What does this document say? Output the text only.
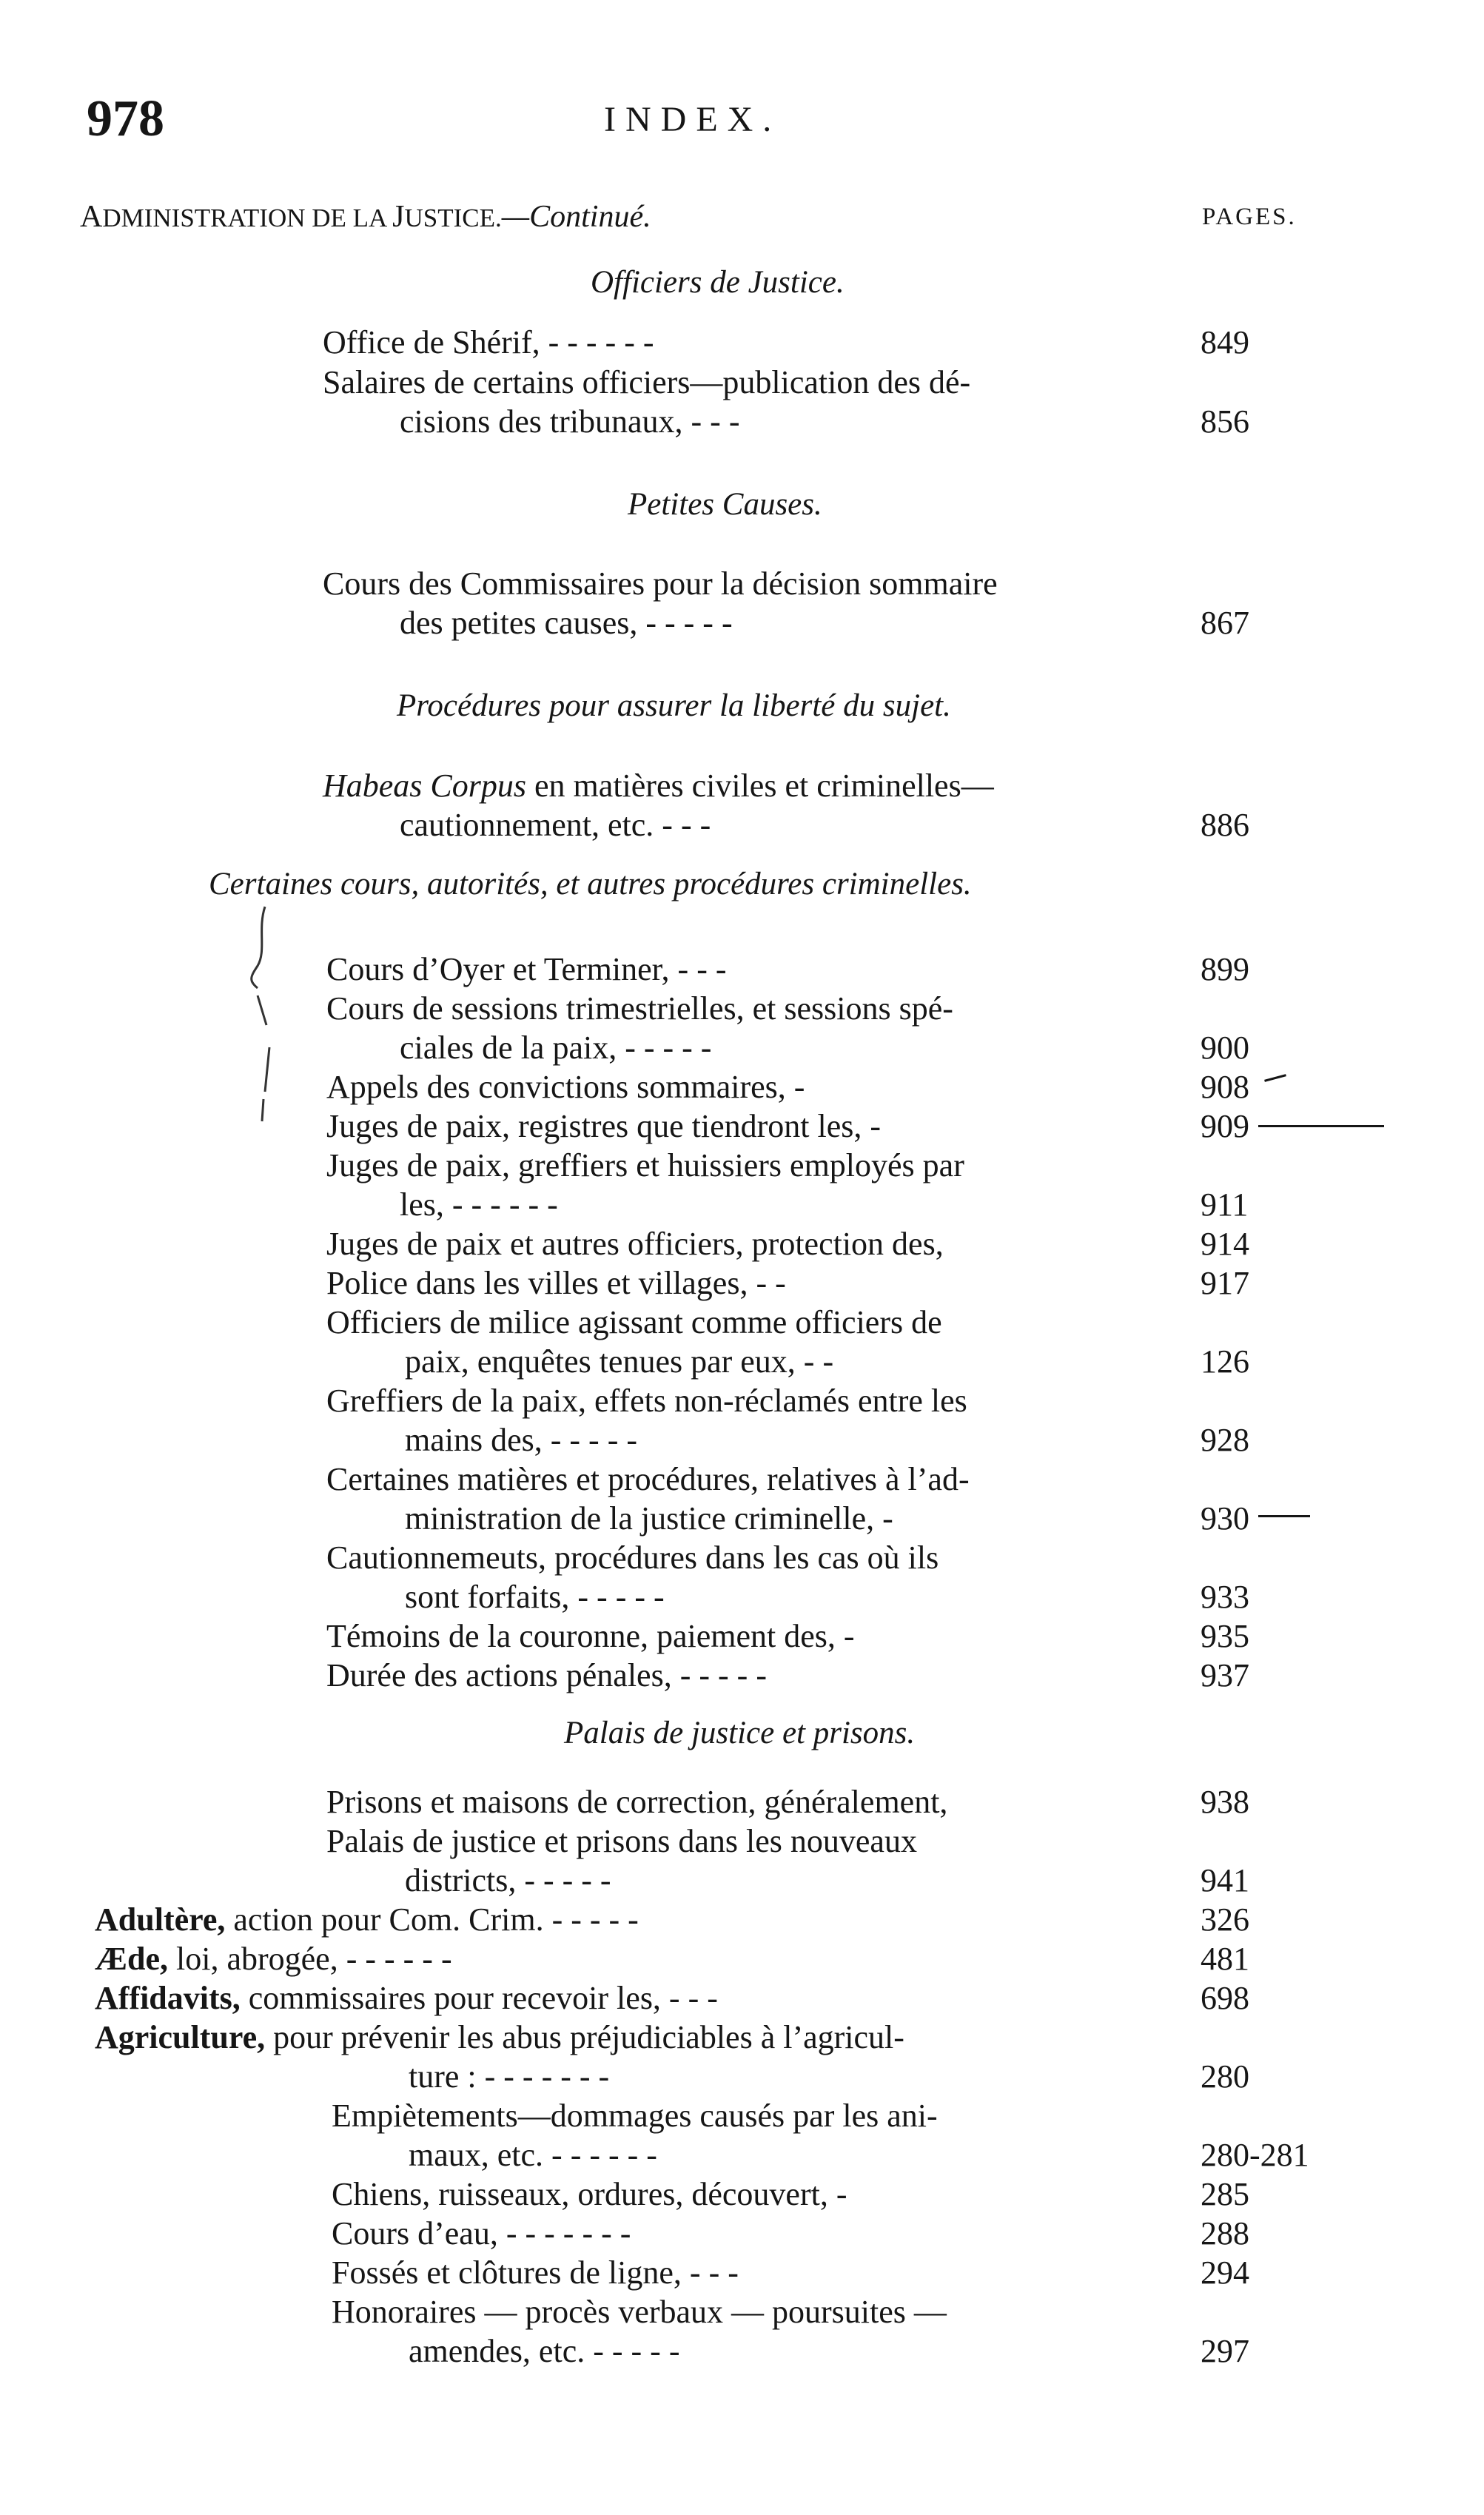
978	INDEX.
ADMINISTRATION DE LA JUSTICE.—Continué.	PAGES.
Officiers de Justice.
Petites Causes.
Procédures pour assurer la liberté du sujet.
Certaines cours, autorités, et autres procédures criminelles.
Palais de justice et prisons.
Office de Shérif, - - - - - -	849
Salaires de certains officiers—publication des dé-
cisions des tribunaux, - - -	856
Cours des Commissaires pour la décision sommaire
des petites causes, - - - - -	867
Habeas Corpus en matières civiles et criminelles—
cautionnement, etc. - - -	886
Cours d’Oyer et Terminer, - - -	899
Cours de sessions trimestrielles, et sessions spé-
ciales de la paix, - - - - -	900
Appels des convictions sommaires, -	908
Juges de paix, registres que tiendront les, -	909
Juges de paix, greffiers et huissiers employés par
les, - - - - - -	911
Juges de paix et autres officiers, protection des,	914
Police dans les villes et villages, - -	917
Officiers de milice agissant comme officiers de
paix, enquêtes tenues par eux, - -	126
Greffiers de la paix, effets non-réclamés entre les
mains des, - - - - -	928
Certaines matières et procédures, relatives à l’ad-
ministration de la justice criminelle, -	930
Cautionnemeuts, procédures dans les cas où ils
sont forfaits, - - - - -	933
Témoins de la couronne, paiement des, -	935
Durée des actions pénales, - - - - -	937
Prisons et maisons de correction, généralement,	938
Palais de justice et prisons dans les nouveaux
districts, - - - - -	941
Adultère, action pour Com. Crim. - - - - -	326
Æde, loi, abrogée, - - - - - -	481
Affidavits, commissaires pour recevoir les, - - -	698
Agriculture, pour prévenir les abus préjudiciables à l’agricul-
ture : - - - - - - -	280
Empiètements—dommages causés par les ani-
maux, etc. - - - - - -	280-281
Chiens, ruisseaux, ordures, découvert, -	285
Cours d’eau, - - - - - - -	288
Fossés et clôtures de ligne, - - -	294
Honoraires — procès verbaux — poursuites —
amendes, etc. - - - - -	297
